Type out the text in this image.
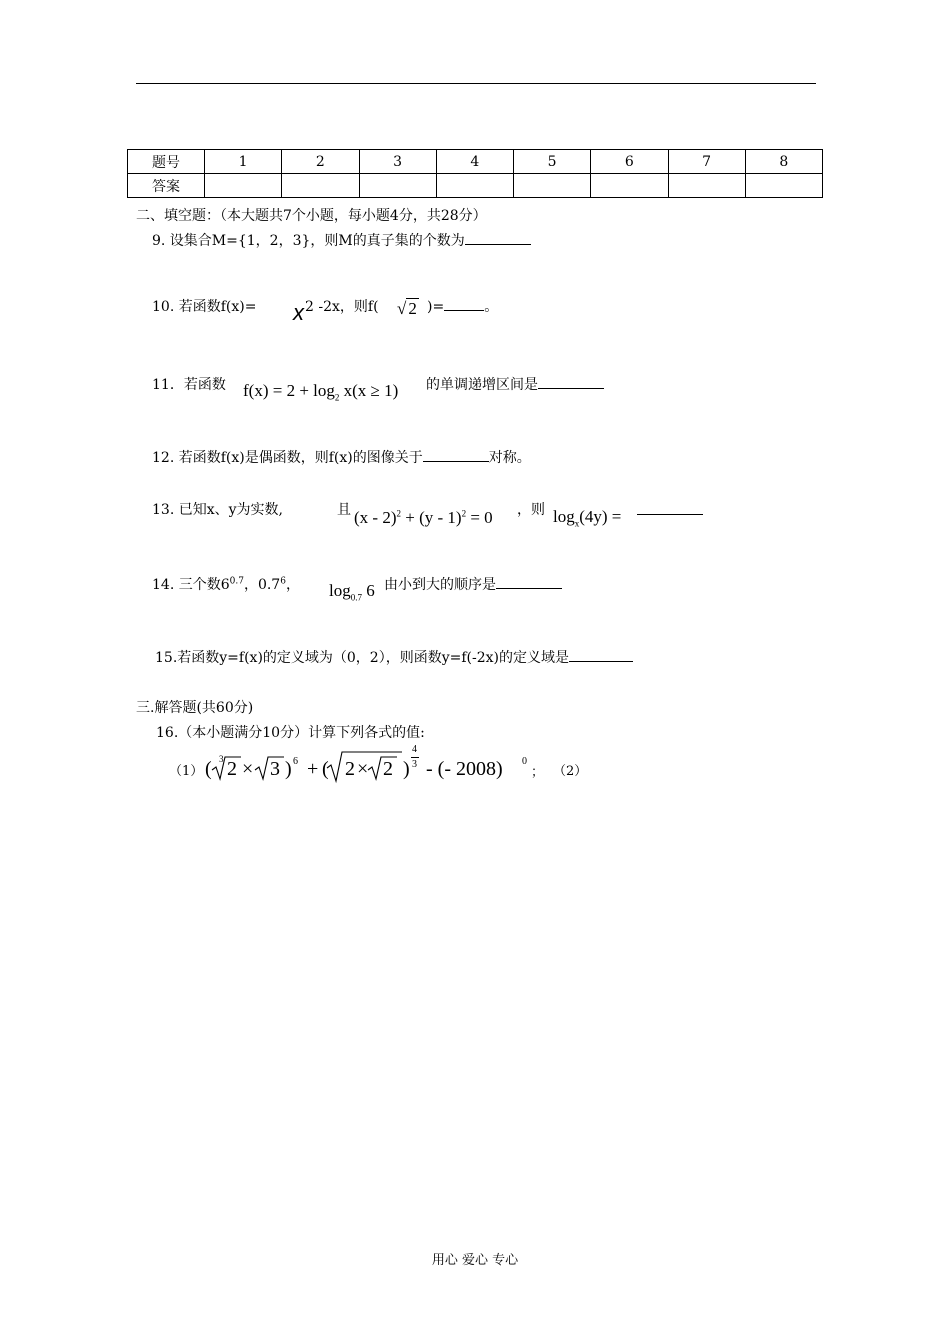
题号	1	2	3	4	5	6	7	8
答案								
二、填空题：（本大题共7个小题，每小题4分，共28分）
9. 设集合M={1，2，3}，则M的真子集的个数为
10. 若函数f(x)= x 2 -2x，则f( √ 2 )=	。
11．若函数 $f(x) = 2 + \log_2 x(x \ge 1)$ 的单调递增区间是
12. 若函数f(x)是偶函数，则f(x)的图像关于	对称。
13. 已知x、y为实数,	且 (x - 2)$^2$ + (y - 1)$^2$ = 0 ，则 $\log_x(4y)$ =
14. 三个数$6^{0.7}$，$0.7^6$， $\log_{0.7} 6$ 由小到大的顺序是
15.若函数y=f(x)的定义域为（0，2），则函数y=f(-2x)的定义域是
三.解答题(共60分)
16.（本小题满分10分）计算下列各式的值:
（1） ( 3 2 × 3 ) 6 + ( 2 × 2 )
4
3 - (- 2008) 0
； （2）
用心 爱心 专心
